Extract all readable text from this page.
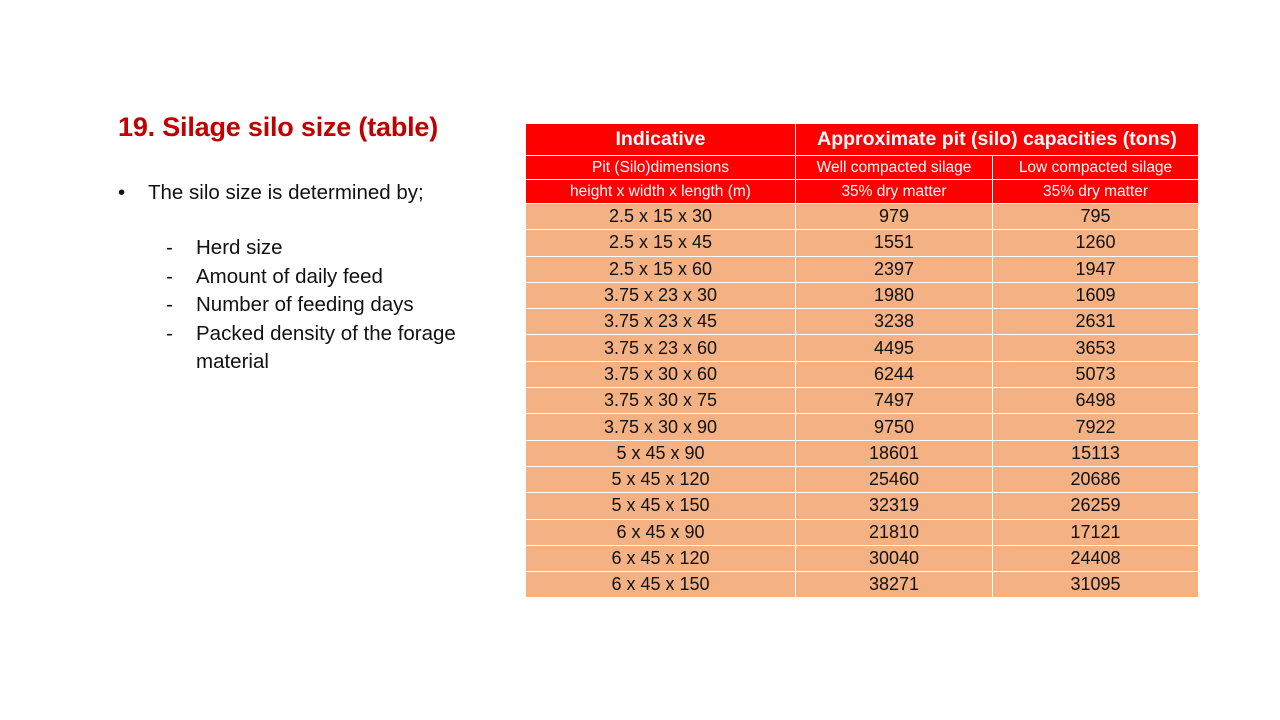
19. Silage silo size (table)
•	The silo size is determined by;
-	Herd size
-	Amount of daily feed
-	Number of feeding days
-	Packed density of the forage material
Indicative	Approximate pit (silo) capacities (tons)	
Pit (Silo)dimensions	Well compacted silage	Low compacted silage
height x width x length (m)	35% dry matter	35% dry matter
2.5 x 15 x 30	979	795
2.5 x 15 x 45	1551	1260
2.5 x 15 x 60	2397	1947
3.75 x 23 x 30	1980	1609
3.75 x 23 x 45	3238	2631
3.75 x 23 x 60	4495	3653
3.75 x 30 x 60	6244	5073
3.75 x 30 x 75	7497	6498
3.75 x 30 x 90	9750	7922
5 x 45 x 90	18601	15113
5 x 45 x 120	25460	20686
5 x 45 x 150	32319	26259
6 x 45 x 90	21810	17121
6 x 45 x 120	30040	24408
6 x 45 x 150	38271	31095
